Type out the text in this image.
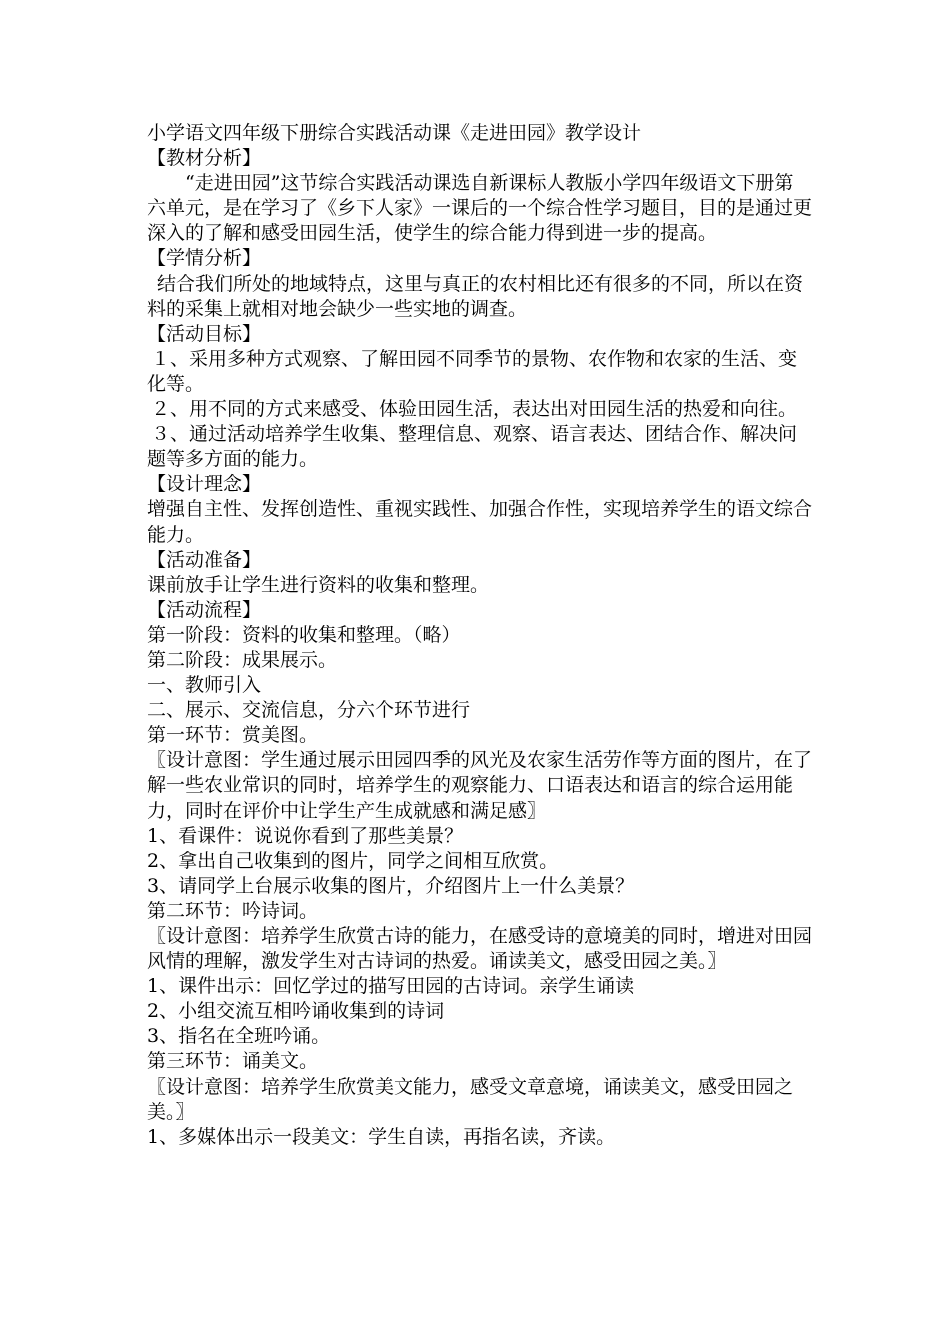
小学语文四年级下册综合实践活动课《走进田园》教学设计
【教材分析】
“走进田园”这节综合实践活动课选自新课标人教版小学四年级语文下册第六单元，是在学习了《乡下人家》一课后的一个综合性学习题目，目的是通过更深入的了解和感受田园生活，使学生的综合能力得到进一步的提高。
【学情分析】
结合我们所处的地域特点，这里与真正的农村相比还有很多的不同，所以在资料的采集上就相对地会缺少一些实地的调查。
【活动目标】
１、采用多种方式观察、了解田园不同季节的景物、农作物和农家的生活、变化等。
２、用不同的方式来感受、体验田园生活，表达出对田园生活的热爱和向往。
３、通过活动培养学生收集、整理信息、观察、语言表达、团结合作、解决问题等多方面的能力。
【设计理念】
增强自主性、发挥创造性、重视实践性、加强合作性，实现培养学生的语文综合能力。
【活动准备】
课前放手让学生进行资料的收集和整理。
【活动流程】
第一阶段：资料的收集和整理。（略）
第二阶段：成果展示。
一、教师引入
二、展示、交流信息，分六个环节进行
第一环节：赏美图。
〖设计意图：学生通过展示田园四季的风光及农家生活劳作等方面的图片，在了解一些农业常识的同时，培养学生的观察能力、口语表达和语言的综合运用能力，同时在评价中让学生产生成就感和满足感〗
1、看课件：说说你看到了那些美景？
2、拿出自己收集到的图片，同学之间相互欣赏。
3、请同学上台展示收集的图片，介绍图片上一什么美景？
第二环节：吟诗词。
〖设计意图：培养学生欣赏古诗的能力，在感受诗的意境美的同时，增进对田园风情的理解，激发学生对古诗词的热爱。诵读美文，感受田园之美。〗
1、课件出示：回忆学过的描写田园的古诗词。亲学生诵读
2、小组交流互相吟诵收集到的诗词
3、指名在全班吟诵。
第三环节：诵美文。
〖设计意图：培养学生欣赏美文能力，感受文章意境，诵读美文，感受田园之美。〗
1、多媒体出示一段美文：学生自读，再指名读，齐读。
